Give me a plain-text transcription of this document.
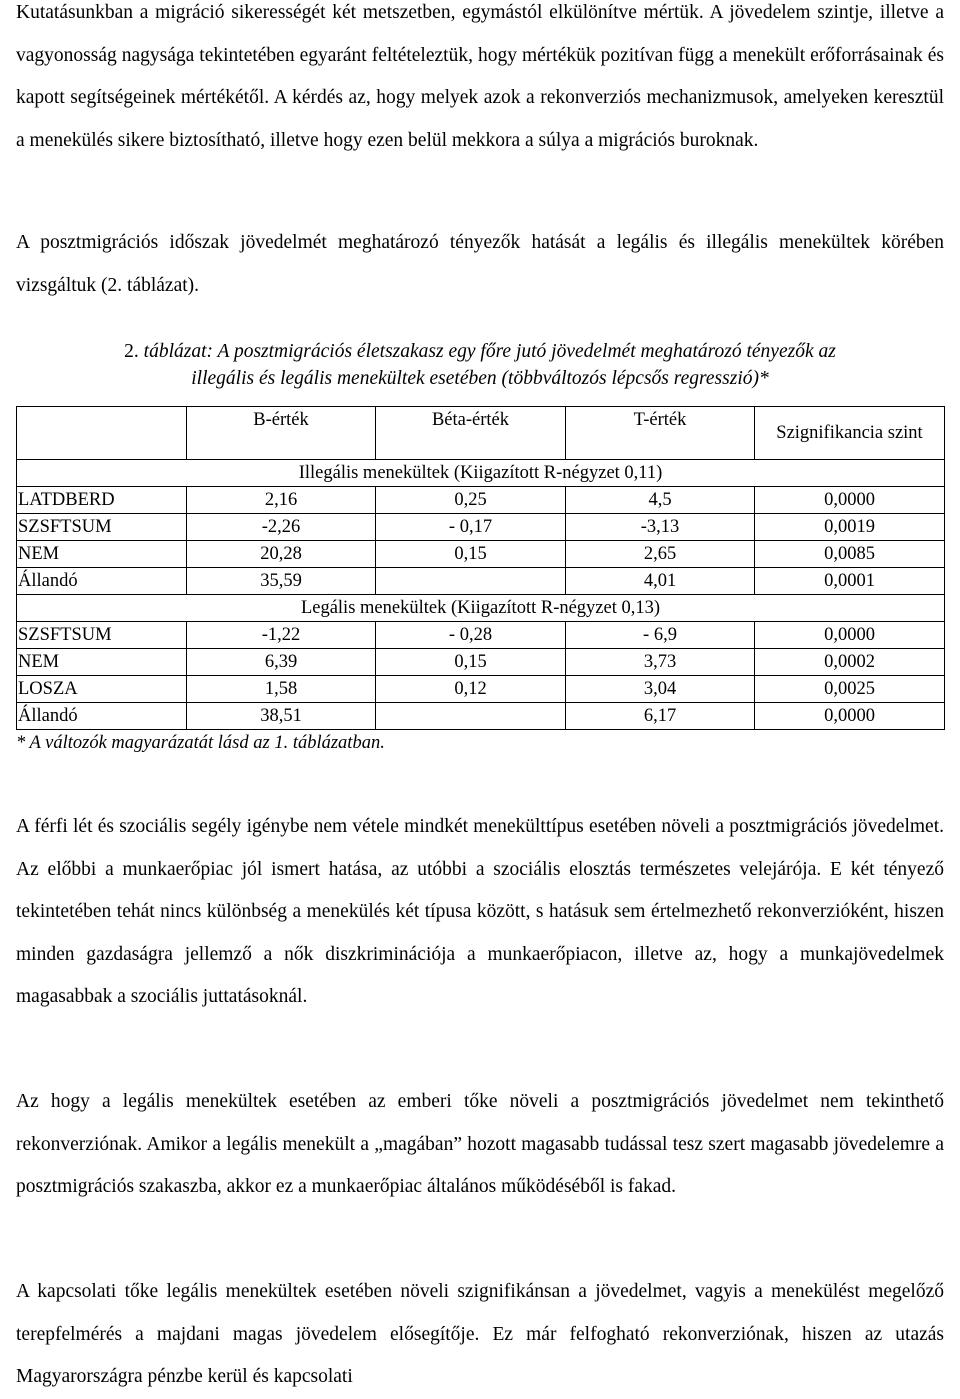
Kutatásunkban a migráció sikerességét két metszetben, egymástól elkülönítve mértük. A jövedelem szintje, illetve a vagyonosság nagysága tekintetében egyaránt feltételeztük, hogy mértékük pozitívan függ a menekült erőforrásainak és kapott segítségeinek mértékétől. A kérdés az, hogy melyek azok a rekonverziós mechanizmusok, amelyeken keresztül a menekülés sikere biztosítható, illetve hogy ezen belül mekkora a súlya a migrációs buroknak.

A posztmigrációs időszak jövedelmét meghatározó tényezők hatását a legális és illegális menekültek körében vizsgáltuk (2. táblázat).

2. táblázat: A posztmigrációs életszakasz egy főre jutó jövedelmét meghatározó tényezők az
illegális és legális menekültek esetében (többváltozós lépcsős regresszió)*
	B-érték	Béta-érték	T-érték	Szignifikancia szint
Illegális menekültek (Kiigazított R-négyzet 0,11)				
LATDBERD	2,16	0,25	4,5	0,0000
SZSFTSUM	-2,26	- 0,17	-3,13	0,0019
NEM	20,28	0,15	2,65	0,0085
Állandó	35,59		4,01	0,0001
Legális menekültek (Kiigazított R-négyzet 0,13)				
SZSFTSUM	-1,22	- 0,28	- 6,9	0,0000
NEM	6,39	0,15	3,73	0,0002
LOSZA	1,58	0,12	3,04	0,0025
Állandó	38,51		6,17	0,0000
* A változók magyarázatát lásd az 1. táblázatban.

A férfi lét és szociális segély igénybe nem vétele mindkét menekülttípus esetében növeli a posztmigrációs jövedelmet. Az előbbi a munkaerőpiac jól ismert hatása, az utóbbi a szociális elosztás természetes velejárója. E két tényező tekintetében tehát nincs különbség a menekülés két típusa között, s hatásuk sem értelmezhető rekonverzióként, hiszen minden gazdaságra jellemző a nők diszkriminációja a munkaerőpiacon, illetve az, hogy a munkajövedelmek magasabbak a szociális juttatásoknál.

Az hogy a legális menekültek esetében az emberi tőke növeli a posztmigrációs jövedelmet nem tekinthető rekonverziónak. Amikor a legális menekült a „magában” hozott magasabb tudással tesz szert magasabb jövedelemre a posztmigrációs szakaszba, akkor ez a munkaerőpiac általános működéséből is fakad.

A kapcsolati tőke legális menekültek esetében növeli szignifikánsan a jövedelmet, vagyis a menekülést megelőző terepfelmérés a majdani magas jövedelem elősegítője. Ez már felfogható rekonverziónak, hiszen az utazás Magyarországra pénzbe kerül és kapcsolati
